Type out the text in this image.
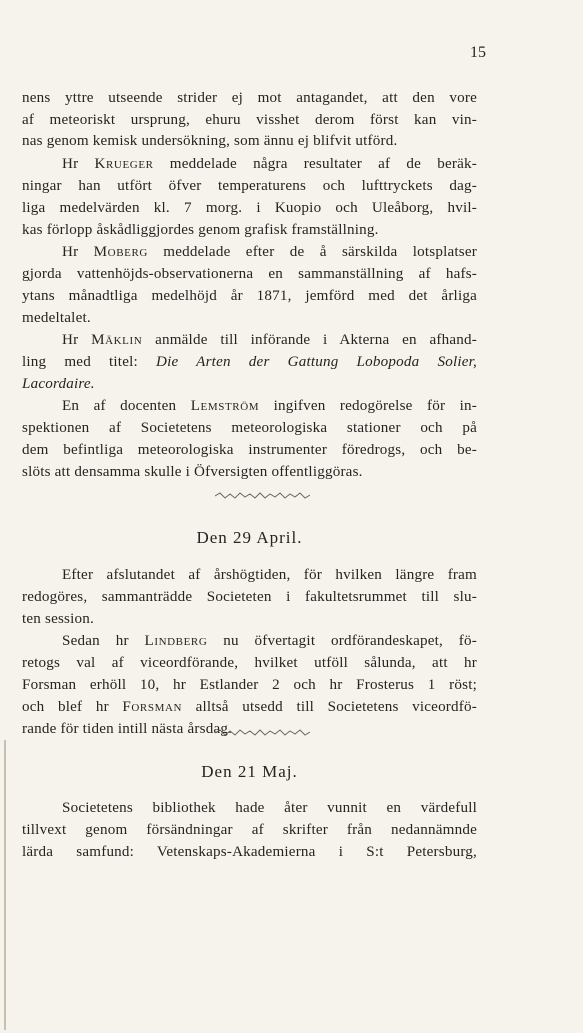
15
nens yttre utseende strider ej mot antagandet, att den vore
af meteoriskt ursprung, ehuru visshet derom först kan vin-
nas genom kemisk undersökning, som ännu ej blifvit utförd.
Hr Krueger meddelade några resultater af de beräk-
ningar han utfört öfver temperaturens och lufttryckets dag-
liga medelvärden kl. 7 morg. i Kuopio och Uleåborg, hvil-
kas förlopp åskådliggjordes genom grafisk framställning.
Hr Moberg meddelade efter de å särskilda lotsplatser
gjorda vattenhöjds-observationerna en sammanställning af hafs-
ytans månadtliga medelhöjd år 1871, jemförd med det årliga
medeltalet.
Hr Mäklin anmälde till införande i Akterna en afhand-
ling med titel: Die Arten der Gattung Lobopoda Solier,
Lacordaire.
En af docenten Lemström ingifven redogörelse för in-
spektionen af Societetens meteorologiska stationer och på
dem befintliga meteorologiska instrumenter föredrogs, och be-
slöts att densamma skulle i Öfversigten offentliggöras.
Efter afslutandet af årshögtiden, för hvilken längre fram
redogöres, sammanträdde Societeten i fakultetsrummet till slu-
ten session.
Sedan hr Lindberg nu öfvertagit ordförandeskapet, fö-
retogs val af viceordförande, hvilket utföll sålunda, att hr
Forsman erhöll 10, hr Estlander 2 och hr Frosterus 1 röst;
och blef hr Forsman alltså utsedd till Societetens viceordfö-
rande för tiden intill nästa årsdag.
Societetens bibliothek hade åter vunnit en värdefull
tillvext genom försändningar af skrifter från nedannämnde
lärda samfund: Vetenskaps-Akademierna i S:t Petersburg,
Den 29 April.
Den 21 Maj.
